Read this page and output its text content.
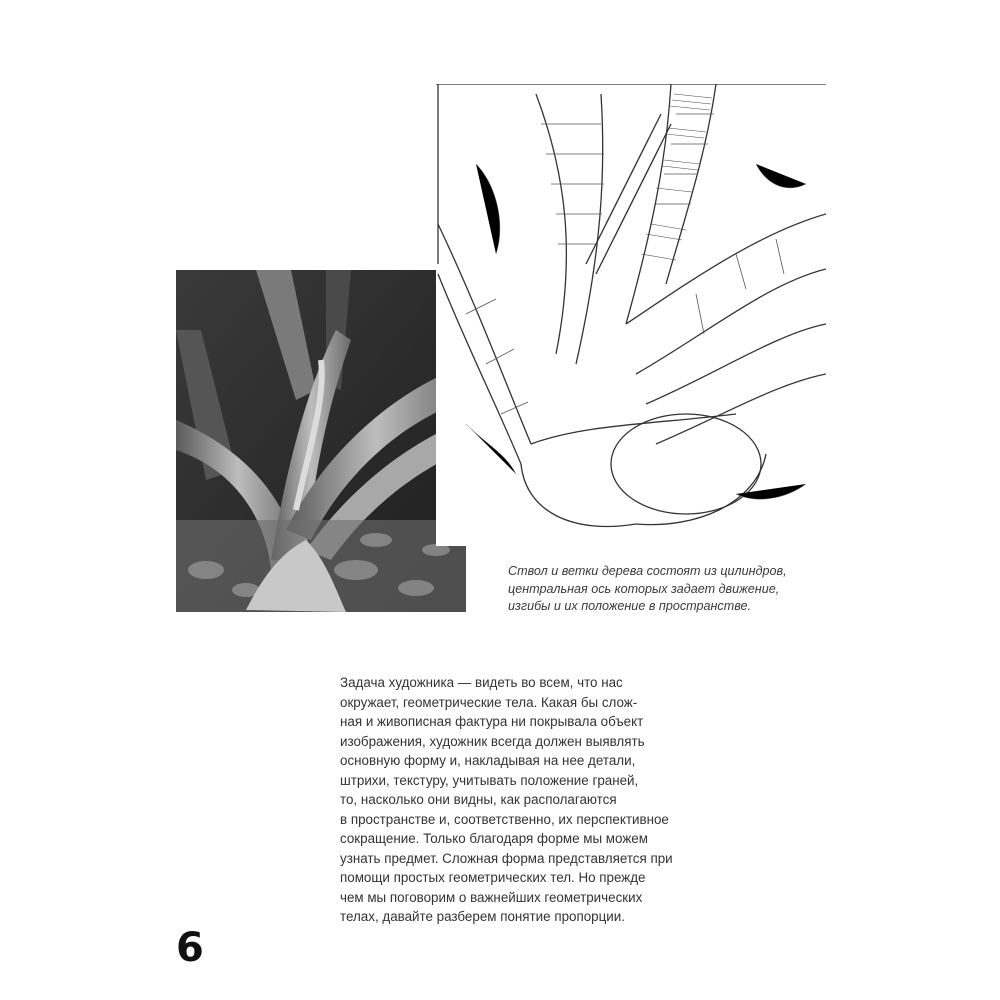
Ствол и ветки дерева состоят из цилиндров,
центральная ось которых задает движение,
изгибы и их положение в пространстве.

Задача художника — видеть во всем, что нас
окружает, геометрические тела. Какая бы слож-
ная и живописная фактура ни покрывала объект
изображения, художник всегда должен выявлять
основную форму и, накладывая на нее детали,
штрихи, текстуру, учитывать положение граней,
то, насколько они видны, как располагаются
в пространстве и, соответственно, их перспективное
сокращение. Только благодаря форме мы можем
узнать предмет. Сложная форма представляется при
помощи простых геометрических тел. Но прежде
чем мы поговорим о важнейших геометрических
телах, давайте разберем понятие пропорции.

6
